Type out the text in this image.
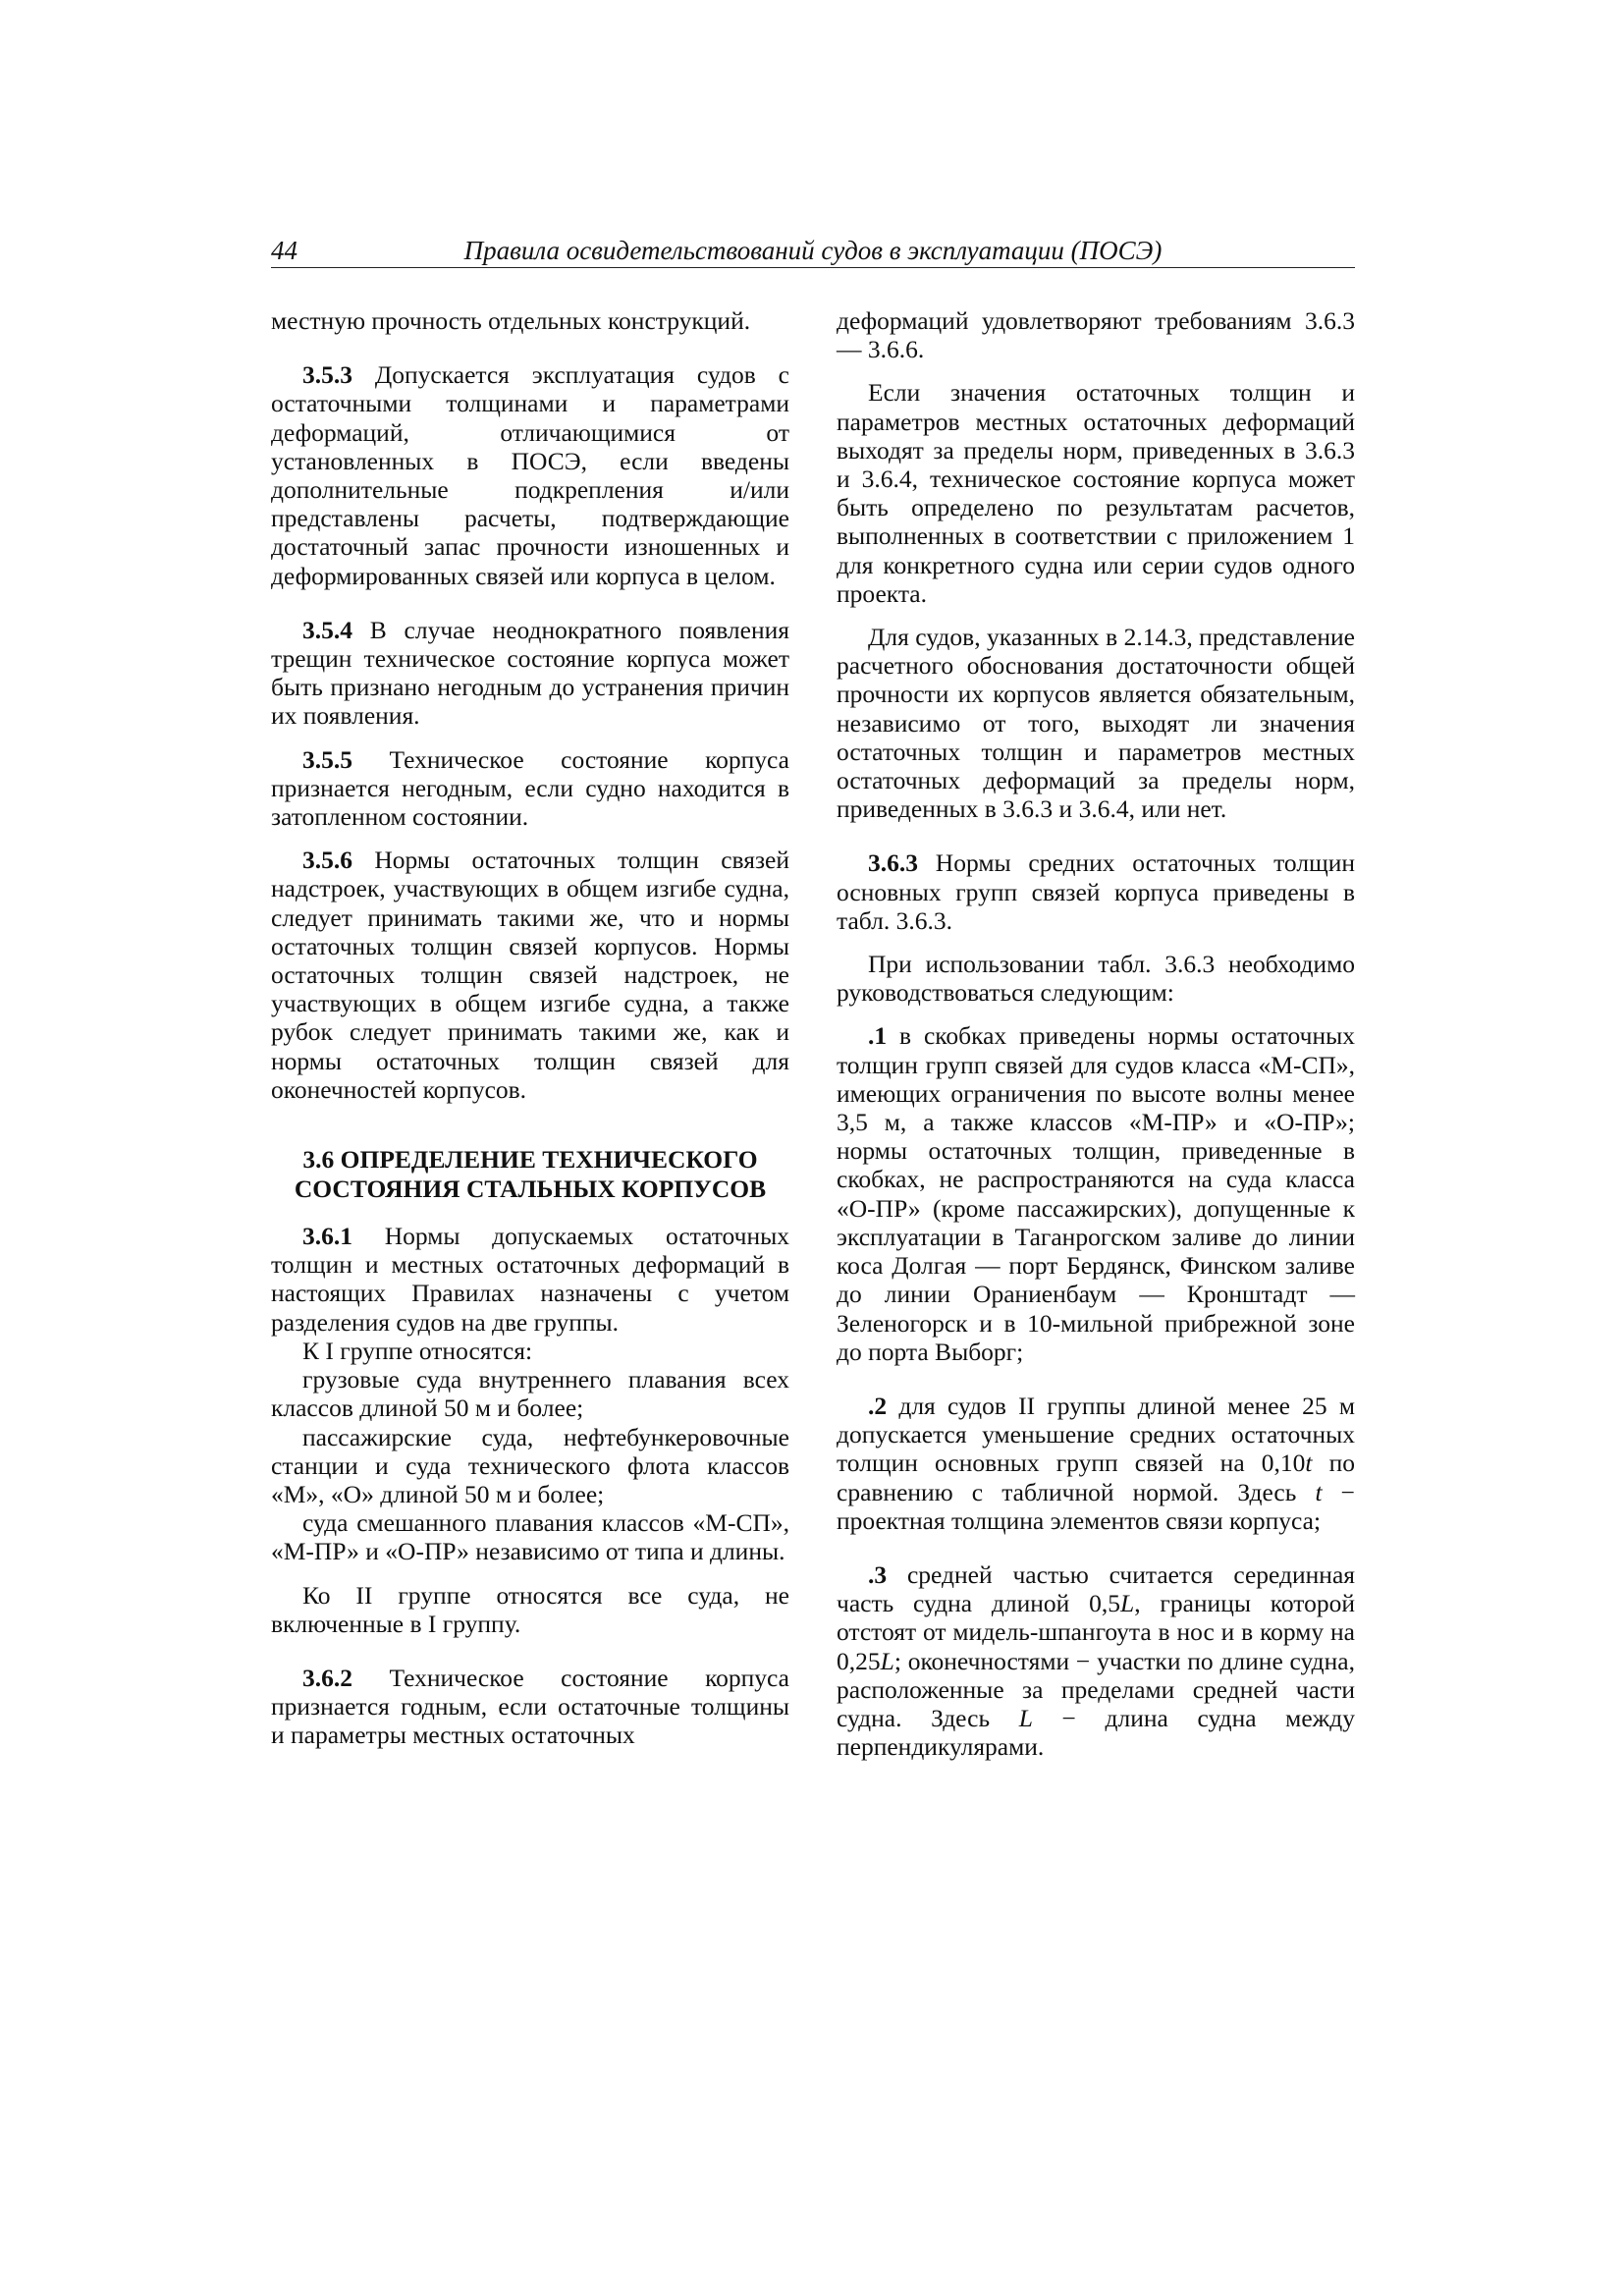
44	Правила освидетельствований судов в эксплуатации (ПОСЭ)

местную прочность отдельных конструкций.

3.5.3 Допускается эксплуатация судов с остаточными толщинами и параметрами деформаций, отличающимися от установленных в ПОСЭ, если введены дополнительные подкрепления и/или представлены расчеты, подтверждающие достаточный запас прочности изношенных и деформированных связей или корпуса в целом.

3.5.4 В случае неоднократного появления трещин техническое состояние корпуса может быть признано негодным до устранения причин их появления.

3.5.5 Техническое состояние корпуса признается негодным, если судно находится в затопленном состоянии.

3.5.6 Нормы остаточных толщин связей надстроек, участвующих в общем изгибе судна, следует принимать такими же, что и нормы остаточных толщин связей корпусов. Нормы остаточных толщин связей надстроек, не участвующих в общем изгибе судна, а также рубок следует принимать такими же, как и нормы остаточных толщин связей для оконечностей корпусов.

3.6 ОПРЕДЕЛЕНИЕ ТЕХНИЧЕСКОГО
СОСТОЯНИЯ СТАЛЬНЫХ КОРПУСОВ

3.6.1 Нормы допускаемых остаточных толщин и местных остаточных деформаций в настоящих Правилах назначены с учетом разделения судов на две группы.

К I группе относятся:

грузовые суда внутреннего плавания всех классов длиной 50 м и более;

пассажирские суда, нефтебункеровочные станции и суда технического флота классов «М», «О» длиной 50 м и более;

суда смешанного плавания классов «М-СП», «М-ПР» и «О-ПР» независимо от типа и длины.

Ко II группе относятся все суда, не включенные в I группу.

3.6.2 Техническое состояние корпуса признается годным, если остаточные толщины и параметры местных остаточных

деформаций удовлетворяют требованиям 3.6.3 — 3.6.6.

Если значения остаточных толщин и параметров местных остаточных деформаций выходят за пределы норм, приведенных в 3.6.3 и 3.6.4, техническое состояние корпуса может быть определено по результатам расчетов, выполненных в соответствии с приложением 1 для конкретного судна или серии судов одного проекта.

Для судов, указанных в 2.14.3, представление расчетного обоснования достаточности общей прочности их корпусов является обязательным, независимо от того, выходят ли значения остаточных толщин и параметров местных остаточных деформаций за пределы норм, приведенных в 3.6.3 и 3.6.4, или нет.

3.6.3 Нормы средних остаточных толщин основных групп связей корпуса приведены в табл. 3.6.3.

При использовании табл. 3.6.3 необходимо руководствоваться следующим:

.1 в скобках приведены нормы остаточных толщин групп связей для судов класса «М-СП», имеющих ограничения по высоте волны менее 3,5 м, а также классов «М-ПР» и «О-ПР»; нормы остаточных толщин, приведенные в скобках, не распространяются на суда класса «О-ПР» (кроме пассажирских), допущенные к эксплуатации в Таганрогском заливе до линии коса Долгая — порт Бердянск, Финском заливе до линии Ораниенбаум — Кронштадт — Зеленогорск и в 10-мильной прибрежной зоне до порта Выборг;

.2 для судов II группы длиной менее 25 м допускается уменьшение средних остаточных толщин основных групп связей на 0,10t по сравнению с табличной нормой. Здесь t − проектная толщина элементов связи корпуса;

.3 средней частью считается серединная часть судна длиной 0,5L, границы которой отстоят от мидель-шпангоута в нос и в корму на 0,25L; оконечностями − участки по длине судна, расположенные за пределами средней части судна. Здесь L − длина судна между перпендикулярами.
